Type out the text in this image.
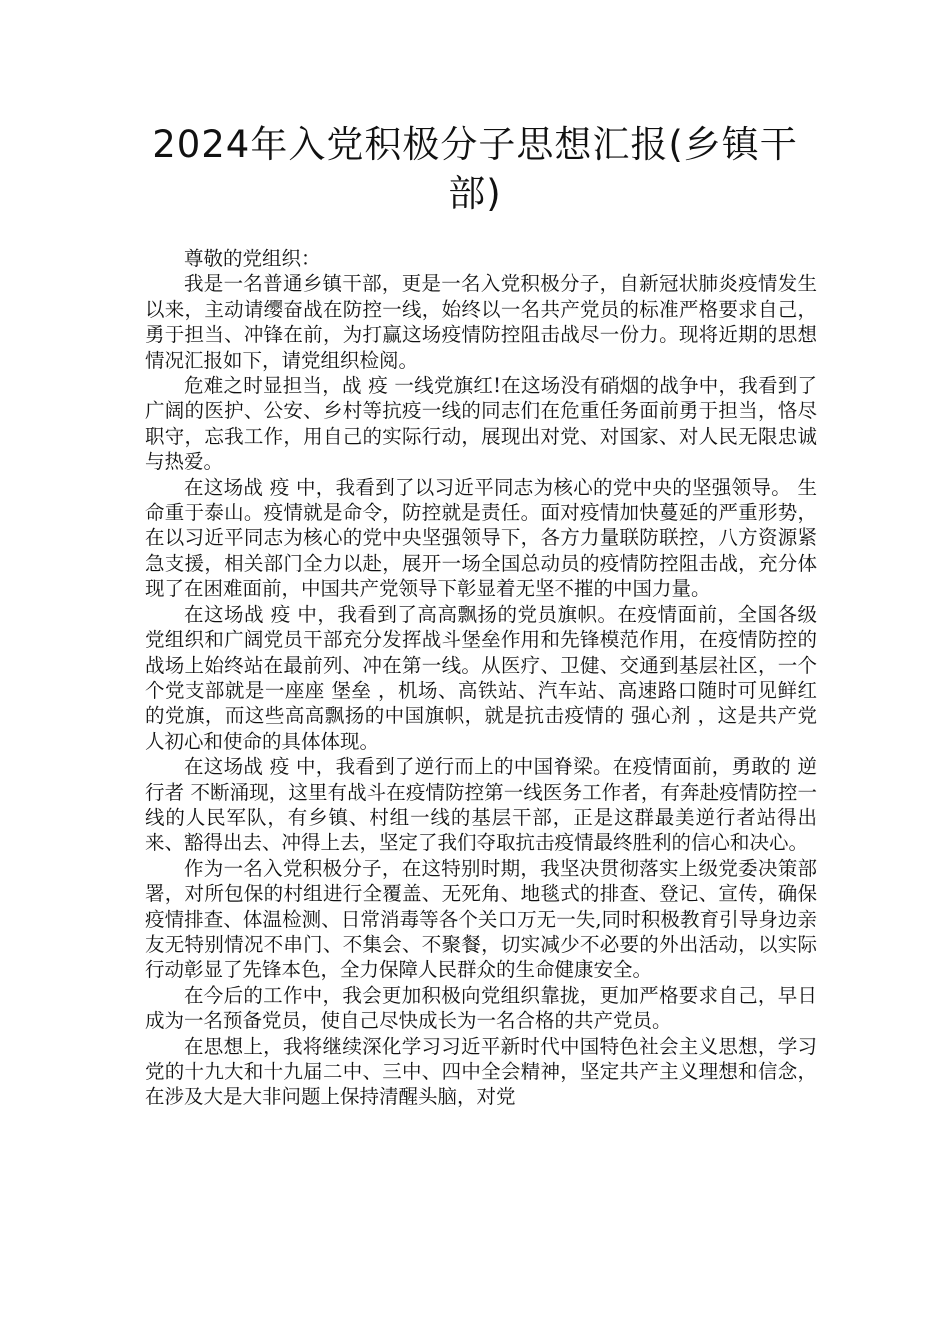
2024年入党积极分子思想汇报(乡镇干部)

尊敬的党组织：

我是一名普通乡镇干部，更是一名入党积极分子，自新冠状肺炎疫情发生以来，主动请缨奋战在防控一线，始终以一名共产党员的标准严格要求自己，勇于担当、冲锋在前，为打赢这场疫情防控阻击战尽一份力。现将近期的思想情况汇报如下，请党组织检阅。

危难之时显担当，战 疫 一线党旗红!在这场没有硝烟的战争中，我看到了广阔的医护、公安、乡村等抗疫一线的同志们在危重任务面前勇于担当，恪尽职守，忘我工作，用自己的实际行动，展现出对党、对国家、对人民无限忠诚与热爱。

在这场战 疫 中，我看到了以习近平同志为核心的党中央的坚强领导。 生命重于泰山。疫情就是命令，防控就是责任。面对疫情加快蔓延的严重形势，在以习近平同志为核心的党中央坚强领导下，各方力量联防联控，八方资源紧急支援，相关部门全力以赴，展开一场全国总动员的疫情防控阻击战，充分体现了在困难面前，中国共产党领导下彰显着无坚不摧的中国力量。

在这场战 疫 中，我看到了高高飘扬的党员旗帜。在疫情面前，全国各级党组织和广阔党员干部充分发挥战斗堡垒作用和先锋模范作用，在疫情防控的战场上始终站在最前列、冲在第一线。从医疗、卫健、交通到基层社区，一个个党支部就是一座座 堡垒 ，机场、高铁站、汽车站、高速路口随时可见鲜红的党旗，而这些高高飘扬的中国旗帜，就是抗击疫情的 强心剂 ，这是共产党人初心和使命的具体体现。

在这场战 疫 中，我看到了逆行而上的中国脊梁。在疫情面前，勇敢的 逆行者 不断涌现，这里有战斗在疫情防控第一线医务工作者，有奔赴疫情防控一线的人民军队，有乡镇、村组一线的基层干部，正是这群最美逆行者站得出来、豁得出去、冲得上去，坚定了我们夺取抗击疫情最终胜利的信心和决心。

作为一名入党积极分子，在这特别时期，我坚决贯彻落实上级党委决策部署，对所包保的村组进行全覆盖、无死角、地毯式的排查、登记、宣传，确保疫情排查、体温检测、日常消毒等各个关口万无一失,同时积极教育引导身边亲友无特别情况不串门、不集会、不聚餐，切实减少不必要的外出活动，以实际行动彰显了先锋本色，全力保障人民群众的生命健康安全。

在今后的工作中，我会更加积极向党组织靠拢，更加严格要求自己，早日成为一名预备党员，使自己尽快成长为一名合格的共产党员。

在思想上，我将继续深化学习习近平新时代中国特色社会主义思想，学习党的十九大和十九届二中、三中、四中全会精神，坚定共产主义理想和信念，在涉及大是大非问题上保持清醒头脑，对党
